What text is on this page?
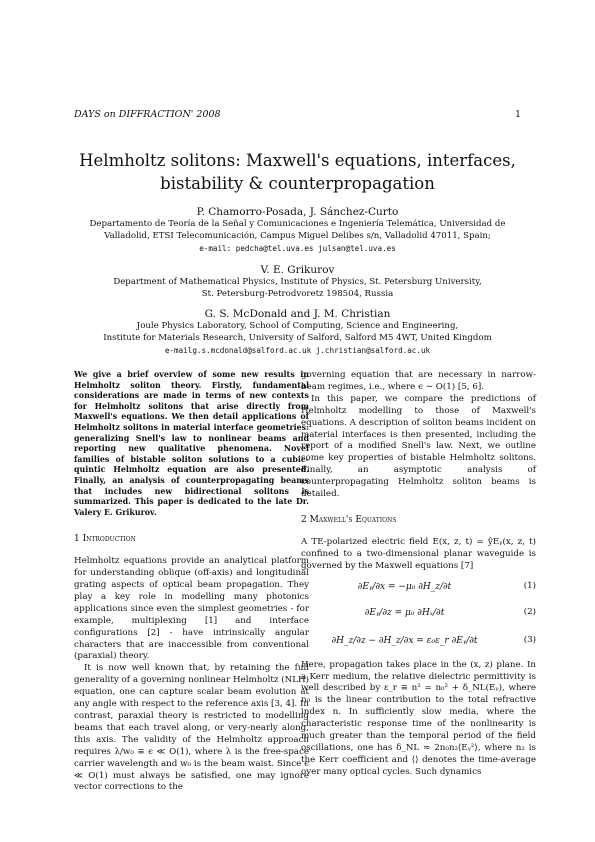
DAYS on DIFFRACTION' 2008	1
Helmholtz solitons: Maxwell's equations, interfaces,
bistability & counterpropagation
P. Chamorro-Posada, J. Sánchez-Curto
Departamento de Teoría de la Señal y Comunicaciones e Ingeniería Telemática, Universidad de
Valladolid, ETSI Telecomunicación, Campus Miguel Delibes s/n, Valladolid 47011, Spain;
e-mail: pedcha@tel.uva.es julsan@tel.uva.es
V. E. Grikurov
Department of Mathematical Physics, Institute of Physics, St. Petersburg University,
St. Petersburg-Petrodvoretz 198504, Russia
G. S. McDonald and J. M. Christian
Joule Physics Laboratory, School of Computing, Science and Engineering,
Institute for Materials Research, University of Salford, Salford M5 4WT, United Kingdom
e-mailg.s.mcdonald@salford.ac.uk j.christian@salford.ac.uk

We give a brief overview of some new results in Helmholtz soliton theory. Firstly, fundamental considerations are made in terms of new contexts for Helmholtz solitons that arise directly from Maxwell's equations. We then detail applications of Helmholtz solitons in material interface geometries: generalizing Snell's law to nonlinear beams and reporting new qualitative phenomena. Novel families of bistable soliton solutions to a cubic-quintic Helmholtz equation are also presented. Finally, an analysis of counterpropagating beams that includes new bidirectional solitons is summarized. This paper is dedicated to the late Dr. Valery E. Grikurov.

1 Introduction

Helmholtz equations provide an analytical platform for understanding oblique (off-axis) and longitudinal grating aspects of optical beam propagation. They play a key role in modelling many photonics applications since even the simplest geometries - for example, multiplexing [1] and interface configurations [2] - have intrinsically angular characters that are inaccessible from conventional (paraxial) theory.

It is now well known that, by retaining the full generality of a governing nonlinear Helmholtz (NLH) equation, one can capture scalar beam evolution at any angle with respect to the reference axis [3, 4]. In contrast, paraxial theory is restricted to modelling beams that each travel along, or very-nearly along, this axis. The validity of the Helmholtz approach requires λ/w₀ ≡ ϵ ≪ O(1), where λ is the free-space carrier wavelength and w₀ is the beam waist. Since ϵ ≪ O(1) must always be satisfied, one may ignore vector corrections to the

governing equation that are necessary in narrow-beam regimes, i.e., where ϵ ∼ O(1) [5, 6].

In this paper, we compare the predictions of Helmholtz modelling to those of Maxwell's equations. A description of soliton beams incident on material interfaces is then presented, including the report of a modified Snell's law. Next, we outline some key properties of bistable Helmholtz solitons. Finally, an asymptotic analysis of counterpropagating Helmholtz soliton beams is detailed.

2 Maxwell's Equations

A TE-polarized electric field E(x, z, t) = ŷEᵧ(x, z, t) confined to a two-dimensional planar waveguide is governed by the Maxwell equations [7]

∂Eᵧ/∂x = −μ₀ ∂H_z/∂t	(1)
∂Eᵧ/∂z = μ₀ ∂Hₓ/∂t	(2)
∂H_z/∂z − ∂H_z/∂x = ε₀ε_r ∂Eᵧ/∂t	(3)

Here, propagation takes place in the (x, z) plane. In a Kerr medium, the relative dielectric permittivity is well described by ε_r ≡ n² = n₀² + δ_NL(Eᵧ), where n₀ is the linear contribution to the total refractive index n. In sufficiently slow media, where the characteristic response time of the nonlinearity is much greater than the temporal period of the field oscillations, one has δ_NL ≈ 2n₀n₂⟨Eᵧ²⟩, where n₂ is the Kerr coefficient and ⟨⟩ denotes the time-average over many optical cycles. Such dynamics
